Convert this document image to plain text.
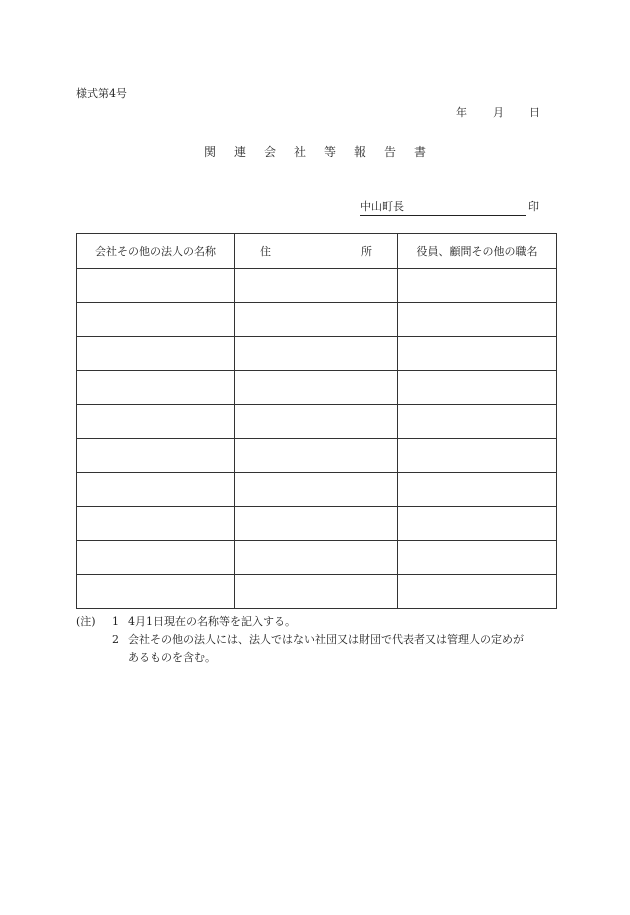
様式第4号
年 月 日
関 連 会 社 等 報 告 書
中山町長	印
会社その他の法人の名称	住 所	役員、顧問その他の職名

(注)	1 4月1日現在の名称等を記入する。
2 会社その他の法人には、法人ではない社団又は財団で代表者又は管理人の定めが
あるものを含む。
